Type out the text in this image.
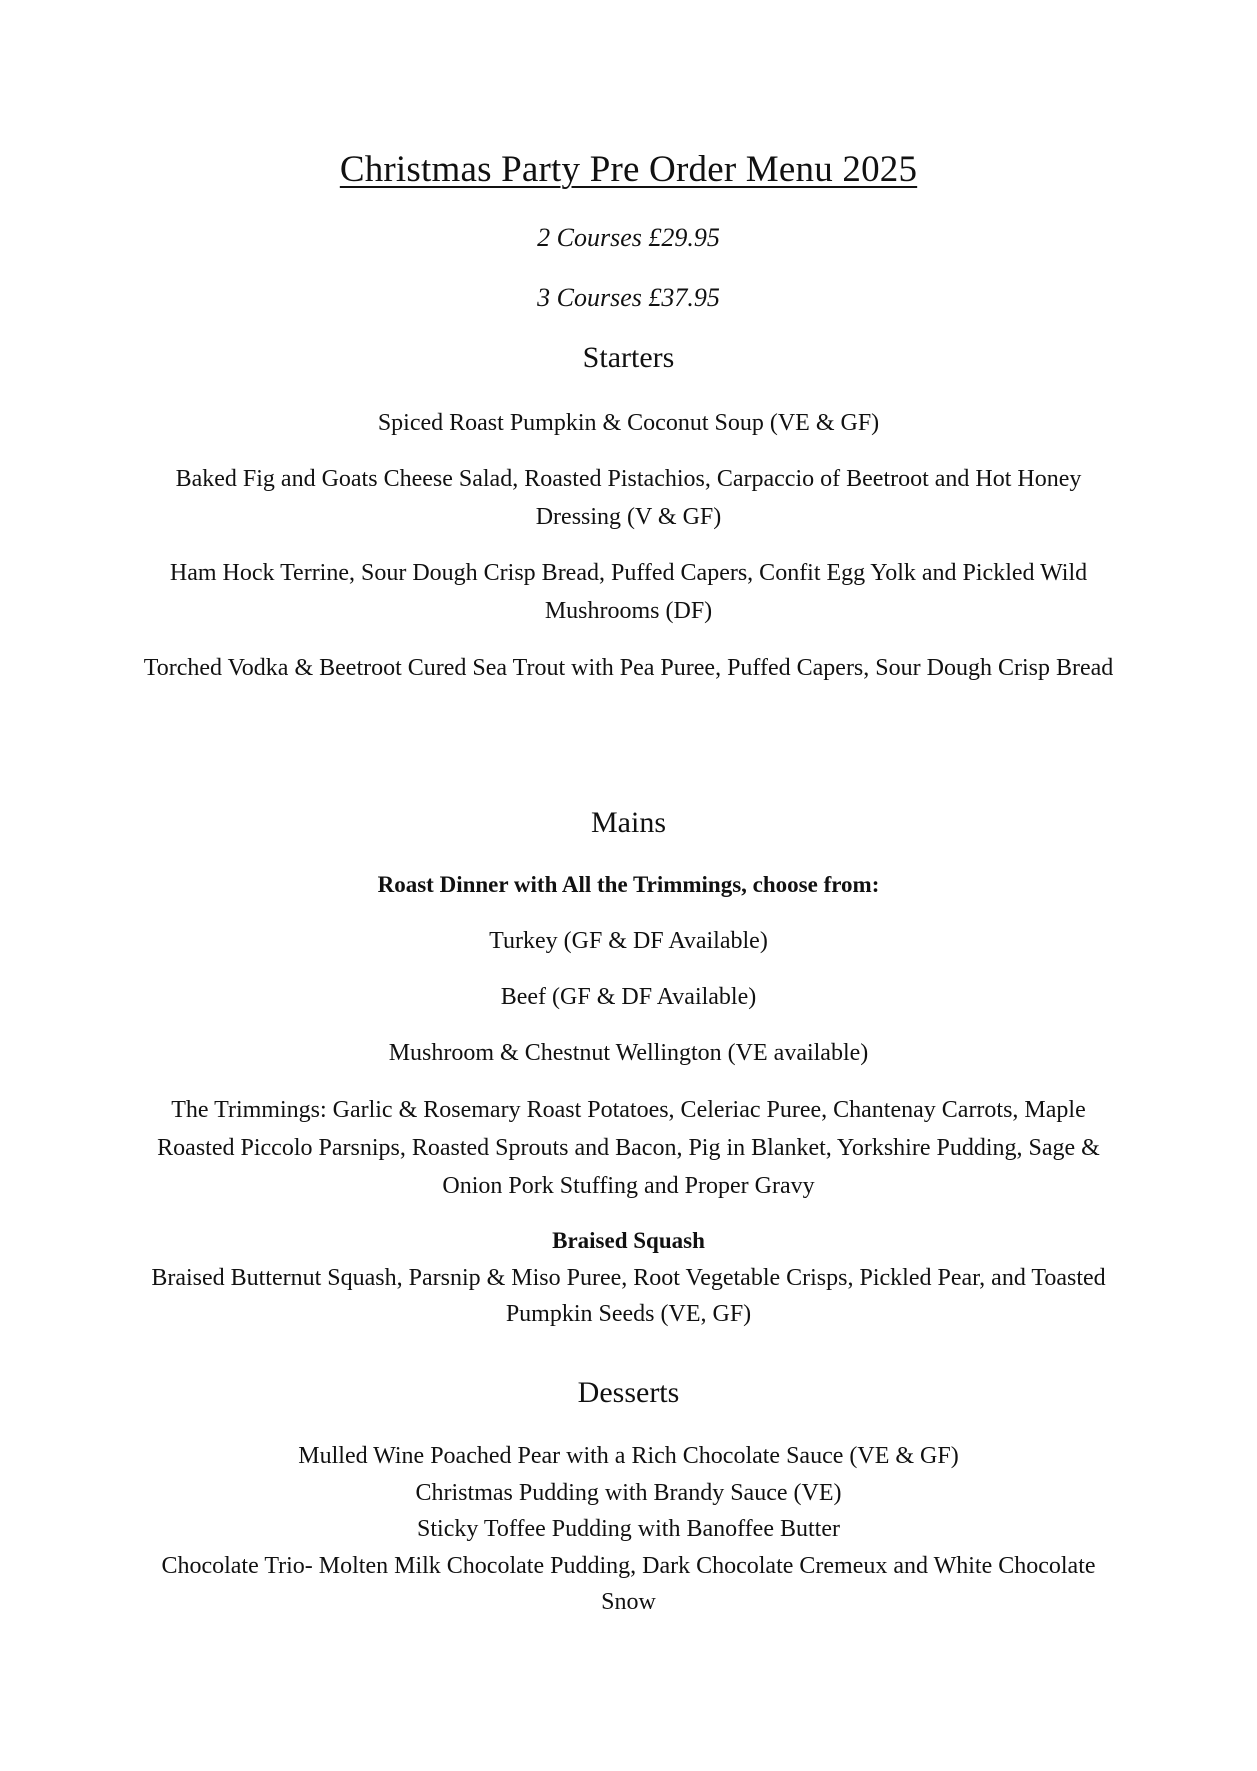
Christmas Party Pre Order Menu 2025

2 Courses £29.95

3 Courses £37.95

Starters

Spiced Roast Pumpkin & Coconut Soup (VE & GF)

Baked Fig and Goats Cheese Salad, Roasted Pistachios, Carpaccio of Beetroot and Hot Honey Dressing (V & GF)

Ham Hock Terrine, Sour Dough Crisp Bread, Puffed Capers, Confit Egg Yolk and Pickled Wild Mushrooms (DF)

Torched Vodka & Beetroot Cured Sea Trout with Pea Puree, Puffed Capers, Sour Dough Crisp Bread

Mains

Roast Dinner with All the Trimmings, choose from:

Turkey (GF & DF Available)

Beef (GF & DF Available)

Mushroom & Chestnut Wellington (VE available)

The Trimmings: Garlic & Rosemary Roast Potatoes, Celeriac Puree, Chantenay Carrots, Maple Roasted Piccolo Parsnips, Roasted Sprouts and Bacon, Pig in Blanket, Yorkshire Pudding, Sage & Onion Pork Stuffing and Proper Gravy

Braised Squash

Braised Butternut Squash, Parsnip & Miso Puree, Root Vegetable Crisps, Pickled Pear, and Toasted Pumpkin Seeds (VE, GF)

Desserts
Mulled Wine Poached Pear with a Rich Chocolate Sauce (VE & GF)
Christmas Pudding with Brandy Sauce (VE)
Sticky Toffee Pudding with Banoffee Butter
Chocolate Trio- Molten Milk Chocolate Pudding, Dark Chocolate Cremeux and White Chocolate Snow
